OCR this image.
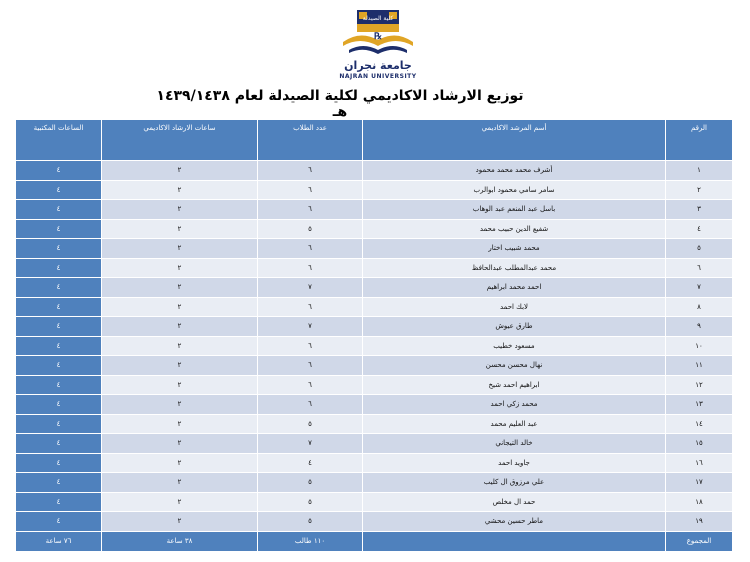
كلية الصيدلة
℞
جامعة نجران
NAJRAN UNIVERSITY
توزيع الارشاد الاكاديمي لكلية الصيدلة لعام ١٤٣٩/١٤٣٨ هـ
الرقم	أسم المرشد الاكاديمي	عدد الطلاب	ساعات الارشاد الاكاديمي	الساعات المكتبية
١	أشرف محمد محمد محمود	٦	٢	٤
٢	سامر سامي محمود ابوالرب	٦	٢	٤
٣	باسل عبد المنعم عبد الوهاب	٦	٢	٤
٤	شفيع الدين حبيب محمد	٥	٢	٤
٥	محمد شبيب اختار	٦	٢	٤
٦	محمد عبدالمطلب عبدالحافظ	٦	٢	٤
٧	احمد محمد ابراهيم	٧	٢	٤
٨	لابك احمد	٦	٢	٤
٩	طارق عيوش	٧	٢	٤
١٠	مسعود خطيب	٦	٢	٤
١١	نهال محسن محسن	٦	٢	٤
١٢	ابراهيم احمد شيخ	٦	٢	٤
١٣	محمد زكي احمد	٦	٢	٤
١٤	عبد العليم محمد	٥	٢	٤
١٥	خالد التيجاني	٧	٢	٤
١٦	جاويد احمد	٤	٢	٤
١٧	علي مرزوق ال كليب	٥	٢	٤
١٨	حمد ال مخلص	٥	٢	٤
١٩	ماطر حسين محشي	٥	٢	٤
المجموع		١١٠ طالب	٣٨ ساعة	٧٦ ساعة
